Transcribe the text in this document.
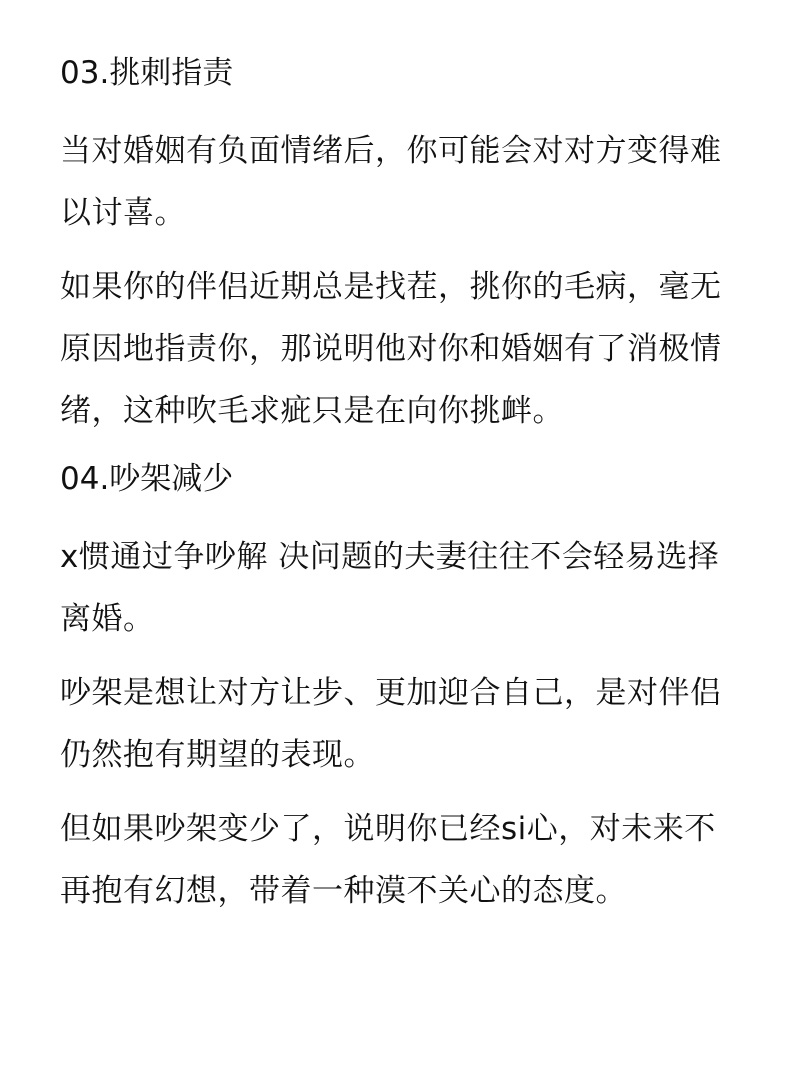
03.挑刺指责
当对婚姻有负面情绪后，你可能会对对方变得难
以讨喜。
如果你的伴侣近期总是找茬，挑你的毛病，毫无
原因地指责你，那说明他对你和婚姻有了消极情
绪，这种吹毛求疵只是在向你挑衅。
04.吵架减少
x惯通过争吵解 决问题的夫妻往往不会轻易选择
离婚。
吵架是想让对方让步、更加迎合自己，是对伴侣
仍然抱有期望的表现。
但如果吵架变少了，说明你已经si心，对未来不
再抱有幻想，带着一种漠不关心的态度。
